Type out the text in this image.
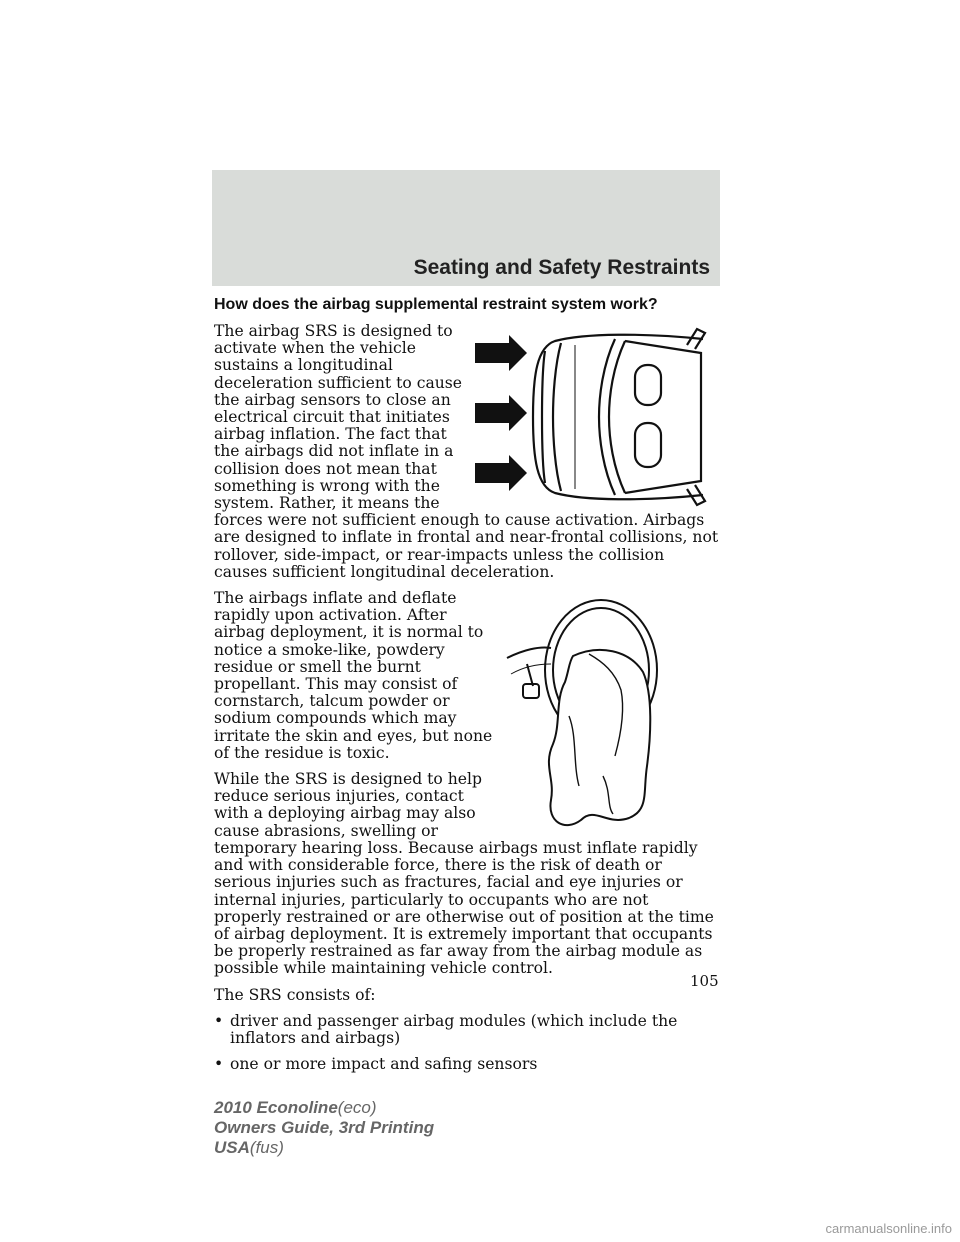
Seating and Safety Restraints
How does the airbag supplemental restraint system work?

The airbag SRS is designed to activate when the vehicle sustains a longitudinal deceleration sufficient to cause the airbag sensors to close an electrical circuit that initiates airbag inflation. The fact that the airbags did not inflate in a collision does not mean that something is wrong with the system. Rather, it means the forces were not sufficient enough to cause activation. Airbags are designed to inflate in frontal and near-frontal collisions, not rollover, side-impact, or rear-impacts unless the collision causes sufficient longitudinal deceleration.

The airbags inflate and deflate rapidly upon activation. After airbag deployment, it is normal to notice a smoke-like, powdery residue or smell the burnt propellant. This may consist of cornstarch, talcum powder or sodium compounds which may irritate the skin and eyes, but none of the residue is toxic.

While the SRS is designed to help reduce serious injuries, contact with a deploying airbag may also cause abrasions, swelling or temporary hearing loss. Because airbags must inflate rapidly and with considerable force, there is the risk of death or serious injuries such as fractures, facial and eye injuries or internal injuries, particularly to occupants who are not properly restrained or are otherwise out of position at the time of airbag deployment. It is extremely important that occupants be properly restrained as far away from the airbag module as possible while maintaining vehicle control.

The SRS consists of:

• driver and passenger airbag modules (which include the inflators and airbags)
• one or more impact and safing sensors
105
2010 Econoline(eco)
Owners Guide, 3rd Printing
USA(fus)
carmanualsonline.info
